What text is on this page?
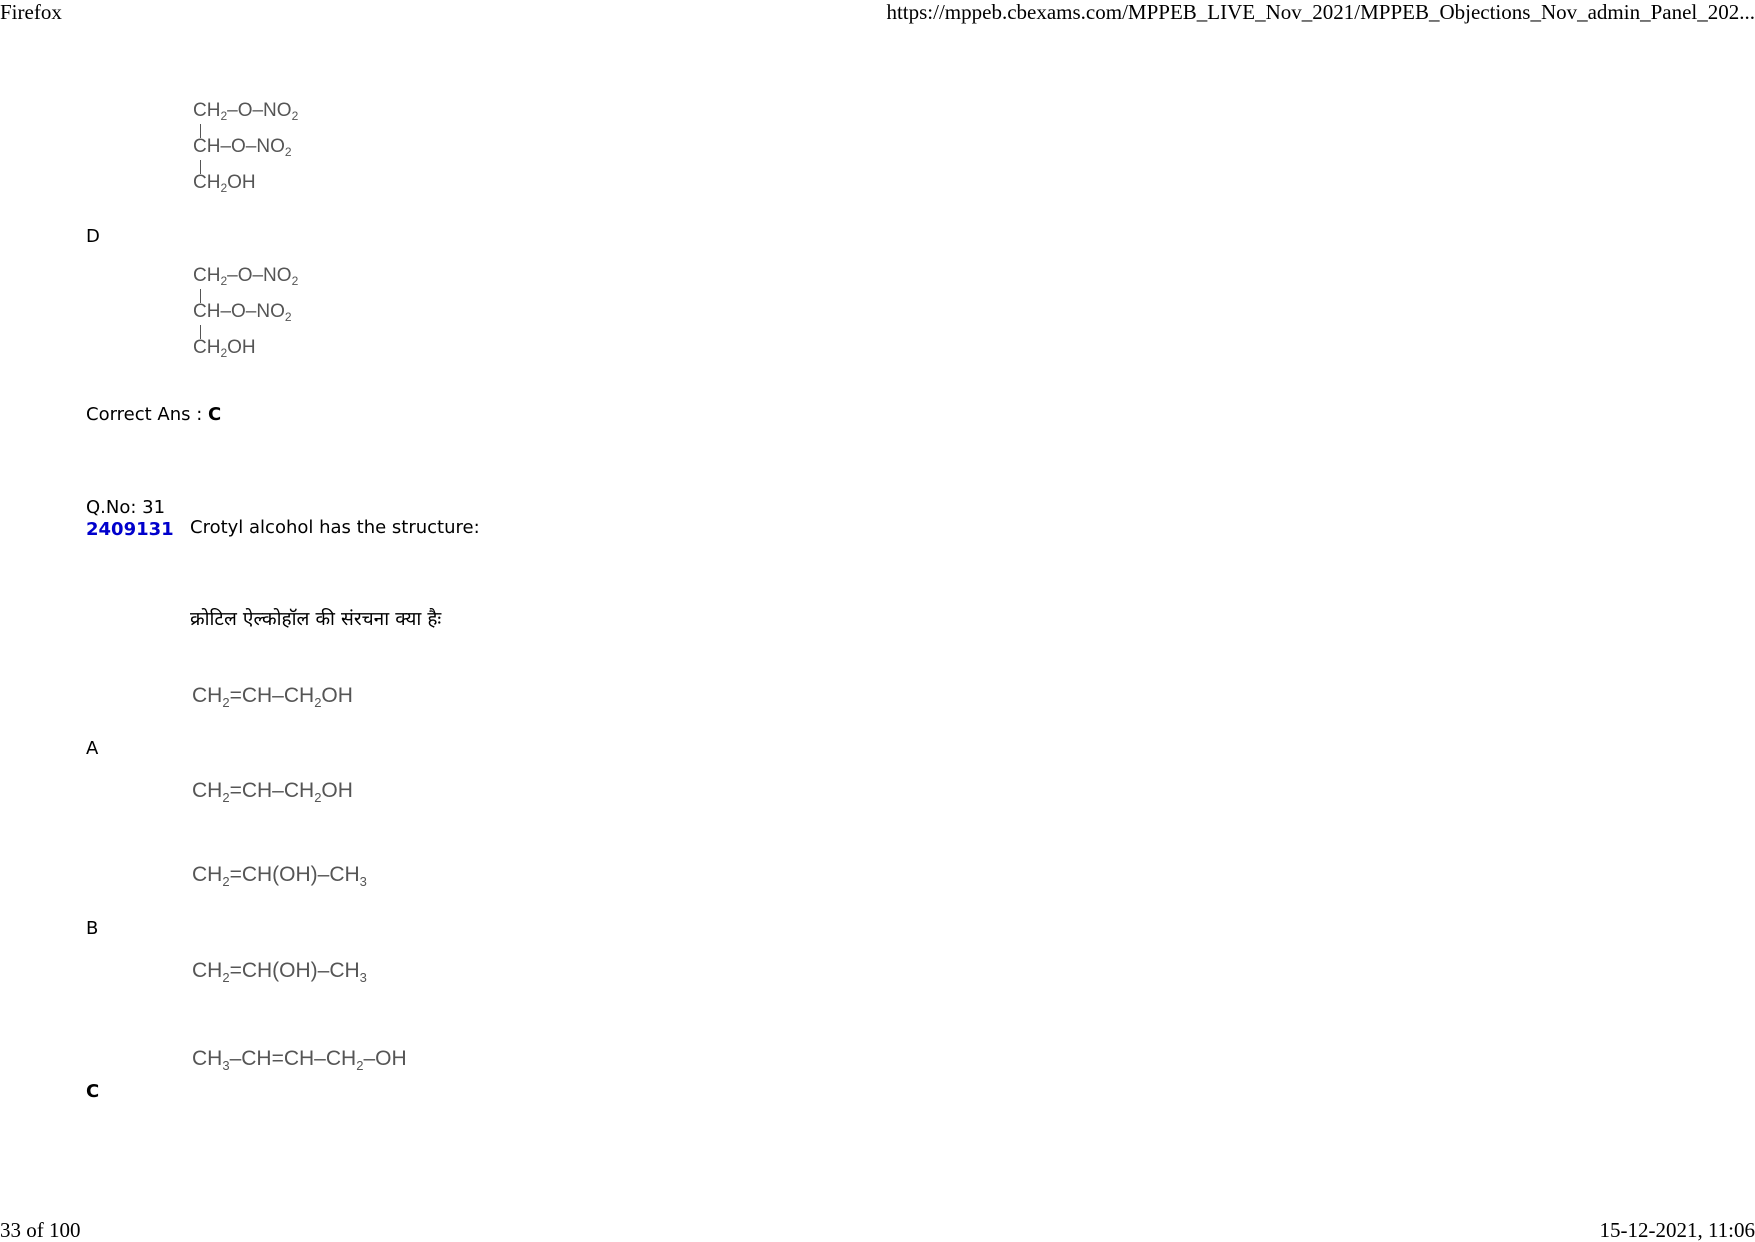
Firefox	https://mppeb.cbexams.com/MPPEB_LIVE_Nov_2021/MPPEB_Objections_Nov_admin_Panel_202...
$CH_2-O-NO_2$
$CH-O-NO_2$
$CH_2OH$
D
$CH_2-O-NO_2$
$CH-O-NO_2$
$CH_2OH$
Correct Ans : C
Q.No: 31
2409131 Crotyl alcohol has the structure:
क्रोटिल ऐल्कोहॉल की संरचना क्या हैः
$CH_2=CH-CH_2OH$
A
$CH_2=CH-CH_2OH$
$CH_2=CH(OH)-CH_3$
B
$CH_2=CH(OH)-CH_3$
$CH_3-CH=CH-CH_2-OH$
C
33 of 100	15-12-2021, 11:06
